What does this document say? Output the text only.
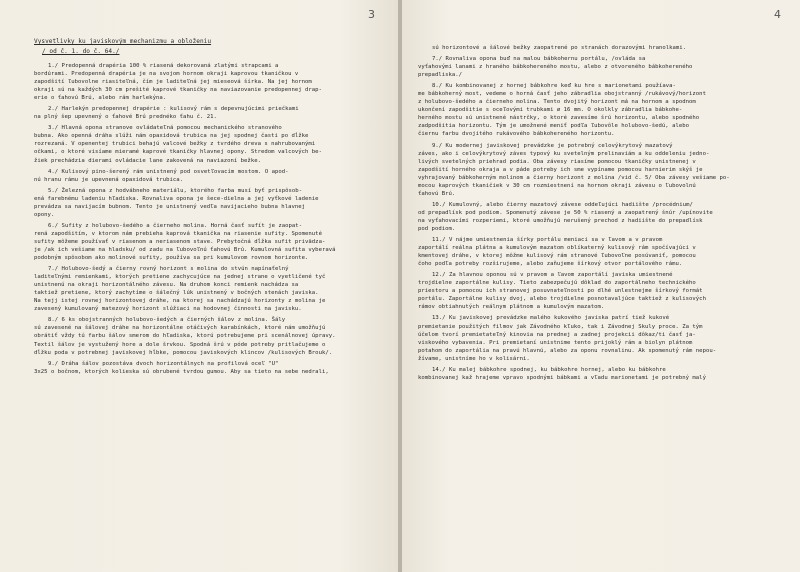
3
Vysvetlivky ku javiskovým mechanizmu a obloženiu
/ od č. 1. do č. 64./
1./ Predopenná drapéria 100 % riasená dekorovaná zlatými strapcami a
bordúrami. Predopenná drapéria je na svojom hornom okraji kaprovou tkaničkou v
zapodšití ľubovolne riasiteľná, čím je laditeľná jej mieseová šírka. Na jej hornom
okraji sú na každých 30 cm prešité kaprové tkaničky na naviazovanie predopennej drap-
erie o ťahovú Brú, alebo rám harlekýna.
2./ Harlekýn predopennej drapérie : kulisový rám s depevnujúcimi priečkami
na plný šep upevnený o ťahové Brú prednéko ťahu č. 21.
3./ Hlavná opona stranove ovládateľná pomocou mechanického stranového
bubna. Ako openná dráha slúži nám opaxidová trubica na jej spodnej časti po dĺžke
rozrezaná. V openentej trubici behajú valcové bežky z tvrdého dreva s nahrubovanými
očkami, o ktoré visíame mieramé kaprové tkaničky hlavnej opony. Stredom valcových be-
žiek prechádzia dierami ovládacie lane zakovená na naviazoní bežke.
4./ Kulisový pino-šerený rám unistnený pod osvetľovacím mostom. O apod-
nú hranu rámu je upevnená opaxidová trubica.
5./ Železná opona z hodvábneho materiálu, ktorého farba musí byť prispôsob-
ená farebnému ladeniu hľadiska. Rovnaliva opona je šece-dielna a jej vyťkové ladenie
prevádza sa navijacím bubnom. Tento je unistnený vedľa navijacieho bubna hlavnej
opony.
6./ Sufity z holubovo-šedého a čierneho molina. Horná časť sufít je zaopat-
rená zapodšitím, v ktorom nám prebieha kaprová tkanička na riasenie sufity. Spomenuté
sufity môžeme používať v riasenom a neriasenom stave. Prebytočná dĺžka sufit privädza-
je /ak ich vešiame na hladsku/ od zadu na ľubovoľnú ťahovú Brú. Kumulovná sufita vyberavá
podobným spôsobom ako molinové sufity, používa sa pri kumulovom rovnom horizonte.
7./ Holubovo-šedý a čierny rovný horizont s molina do stvún napínaťelný
laditeľnými remienkami, ktorých pretiene zachycujúce na jednej strane o vyetličené tyč
unistnenú na okraji horizontálného závesu. Na druhom konci remienk nachádza sa
taktiež pretiene, ktorý zachytíme o šálečný lúk unistnený v bočných stenách javiska.
Na tejj istej rovnej horizontovej dráhe, na ktorej sa nachádzajú horizonty z molina je
zavesený kumulovaný matezový horizont slúžiaci na hodovnej činnosti na javisku.
8./ 6 ks obojstranných holubovo-šedých a čierných šálov z molina. Šály
sú zavesené na šálovej dráhe na horizontálne otáčivých karabínkách, ktoré nám umožňujú
obrátiť vždy tú farbu šálov smerom do hľadiska, ktorú potrebujeme pri scenálnovej úpravy.
Textil šálov je vystužený hore a dole šrvkou. Spodná šrú v póde potreby pritlačujeme o
dĺžku poda v potrebnej javiskovej hĺbke, pomocou javiskových klincov /kulisových Brouk/.
9./ Dráha šálov pozostáva dvoch horizontálnych na profilová oceľ "U"
3x25 o bočnom, ktorých kolieska sú obrubené tvrdou gumou. Aby sa tieto na sebe nedrali,
4
sú horizontové a šálové bežky zaopatrené po stranách dorazovými hranolkami.
7./ Rovnaliva opona buď na malou bábkohernu portálu, /ovláda sa
vyťahovými lanami z hraného bábkohereného mostu, alebo z otvoreného bábkohereného
prepadliska./
8./ Ku kombinovanej z hornej bábkohre keď ku hre s marionetami použíava-
me bábkoherný most, vedeme o horná časť jeho zábradlia obojstranný /rukávový/horizont
z holubovo-šedého a čierneho molina. Tento dvojitý horizont má na hornom a spodnom
ukončení zapodšitie s oceľovými trubkami ø 16 mm. O okolkly zábradlia bábkohe-
herného mostu sú unistnené nástrčky, o ktoré zavesíme šrú horizontu, alebo spodného
zadpodšitia horizontu. Tým je umožnené meniť podľa ľubovôle holubovo-šedú, alebo
čiernu farbu dvojitého rukávového bábkohereného horizontu.
9./ Ku modernej javiskovej prevádzke je potrebný celovýkrytový mazatový
záves, ako i celovýkrytový záves typový ku svetelným prelinaviám a ku oddeleniu jedno-
livých svetelných priehrad podia. Oba závesy riasíme pomocou tkaničky unistnenej v
zapodšití horného okraja a v páde potreby ich sme vypíname pomocou harnierim skýš je
vyhrajovaný bábkoherným molinom a čierny horizont z molina /vid č. 5/ Oba závesy vešiame po-
mocou kaprových tkaničiek v 30 cm rozmiestnení na hornom okraji závesu o ľubovolnú
ťahovú Brú.
10./ Kumulovný, alebo čierny mazatový závese oddeľujúci hadiište /procédnium/
od prepadlísk pod podiom. Spomenutý závese je 50 % riasený a zaopatrený šnúr /upínovite
na vyťahovacími rozperiemi, ktoré umožňujú nerušený prechod z hadiište do prepadlísk
pod podiom.
11./ V nájme umiestnenia šírky portálu meniaci sa v ľavom a v pravom
zaportálí reálna plátna a kumulovým mazatom oblíkaterný kulisový rám spočívajúci v
kmentovej dráhe, v ktorej môžme kulisový rám stranové ľubovoľne posúvaniť, pomocou
čoho podľa potreby rozširujeme, alebo zaňujeme šírkový otvor portálového rámu.
12./ Za hlavnou oponou sú v pravom a ľavom zaportálí javiska umiestnené
trojdielne zaportálne kulisy. Tieto zabezpečujú dôklad do zaportálneho technického
priestoru a pomocou ich stranovej posuvnateľnosti po dlhé unlestnejme šírkový formát
portálu. Zaportálne kulisy dvoj, alebo trojdielne posnotavaljúce taktiež z kulisových
rámov obtiahnutých reálnym plátnom a kumulovým mazatom.
13./ Ku javiskovej prevádzke malého kukového javiska patrí tiež kukové
premietanie použitých filmov jak Závodného kľuko, tak i Závodnej Skuly proce. Za tým
účelom tvorí premietateľný kinovia na prednej a zadnej projekcii dôkaz/ti časť ja-
viskového vybavenia. Pri premietaní unistnime tento prijoklý rám a biolyn plátnom
potahom do zaportália na pravú hlavnú, alebo za oponu rovnalinu. Ak spomenutý rám nepou-
žívame, unistníme ho v kolisárni.
14./ Ku malej bábkohre spodnej, ku bábkohre hornej, alebo ku bábkohre
kombinovanej kaž hrajeme vpravo spodnými bábkami a vľadu marionetami je potrebný malý
